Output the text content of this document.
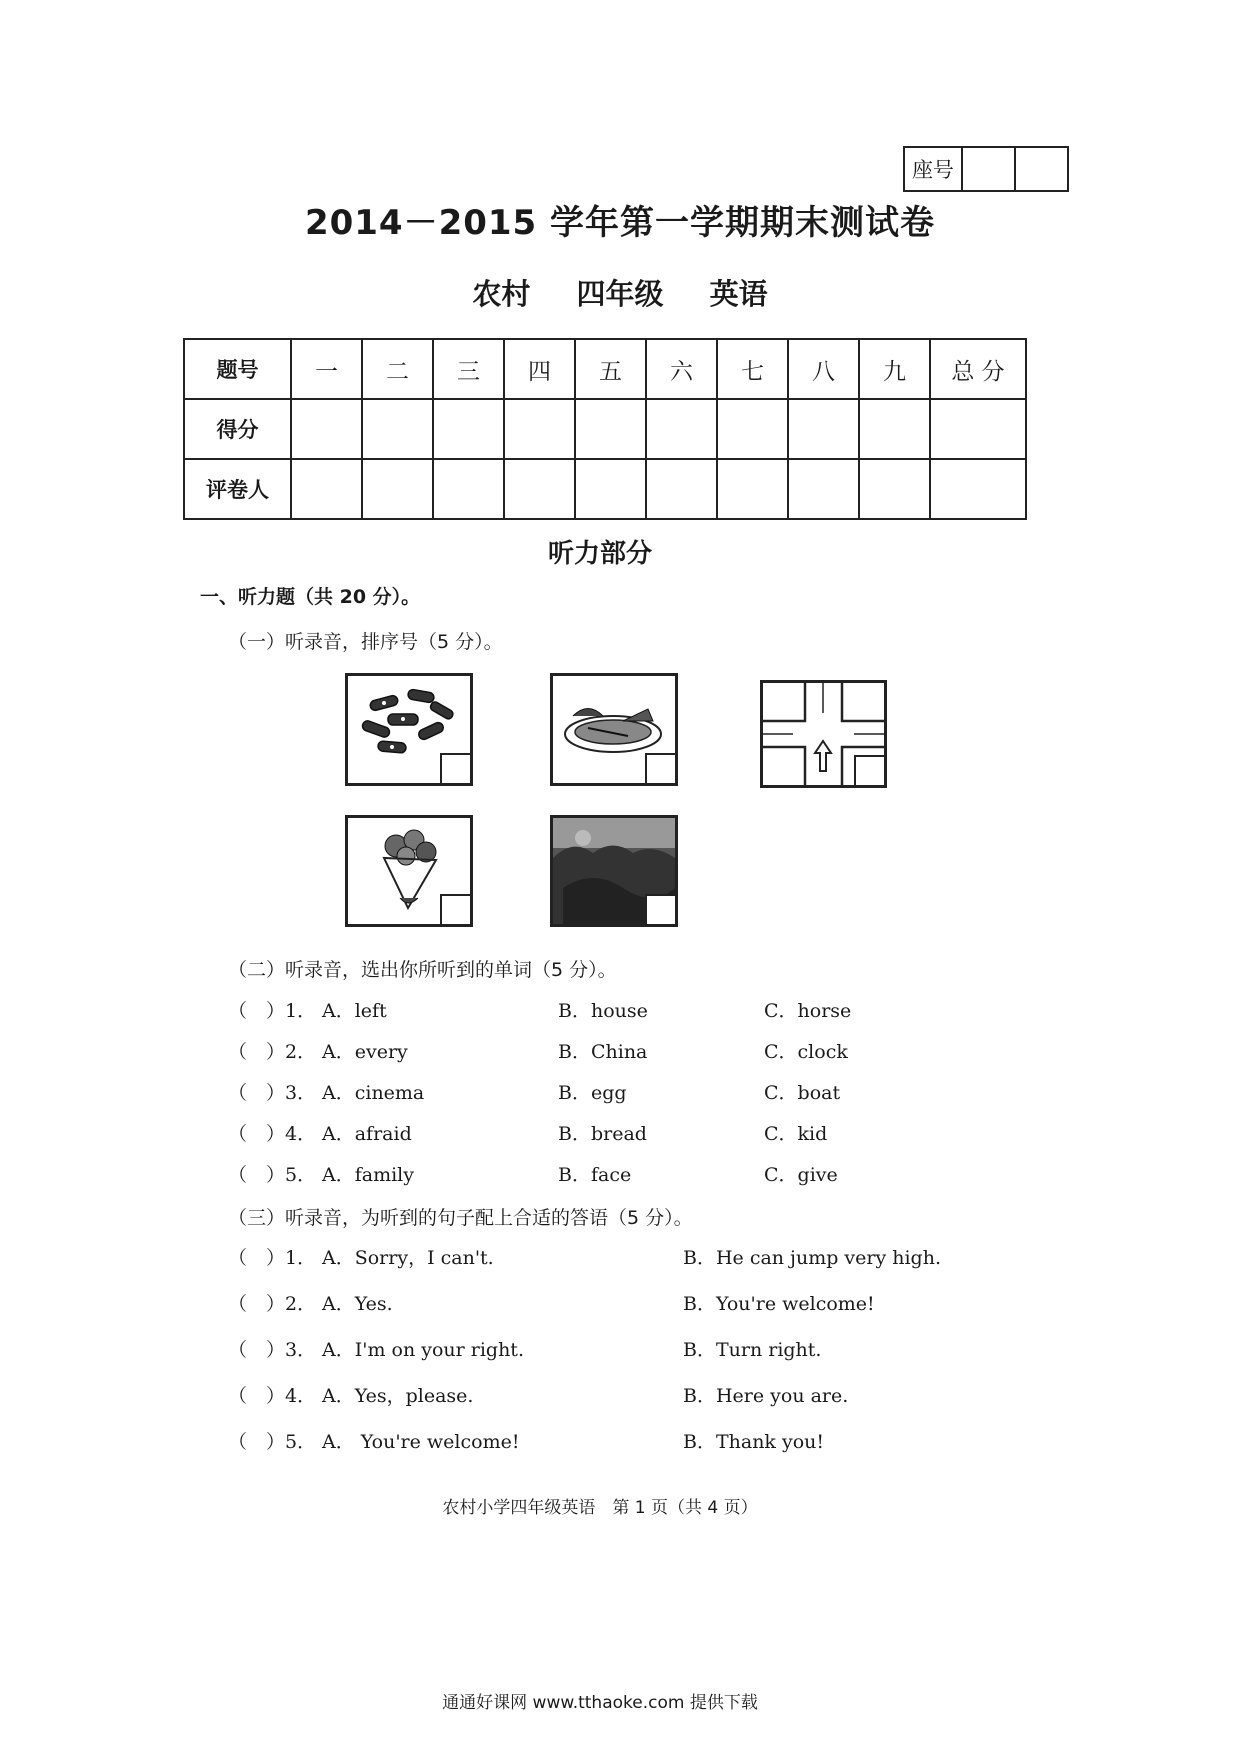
座号
2014－2015 学年第一学期期末测试卷
农村 四年级 英语
题号	一	二	三	四	五	六	七	八	九	总 分
得分										
评卷人										
听力部分
一、听力题（共 20 分）。
（一）听录音，排序号（5 分）。
（二）听录音，选出你所听到的单词（5 分）。
（ ）1． A．left	B．house	C．horse
（ ）2． A．every	B．China	C．clock
（ ）3． A．cinema	B．egg	C．boat
（ ）4． A．afraid	B．bread	C．kid
（ ）5． A．family	B．face	C．give
（三）听录音，为听到的句子配上合适的答语（5 分）。
（ ）1． A．Sorry，I can't.	B．He can jump very high.
（ ）2． A．Yes.	B．You're welcome!
（ ）3． A．I'm on your right.	B．Turn right.
（ ）4． A．Yes，please.	B．Here you are.
（ ）5． A． You're welcome!	B．Thank you!
农村小学四年级英语　第 1 页（共 4 页）
通通好课网 www.tthaoke.com 提供下载
